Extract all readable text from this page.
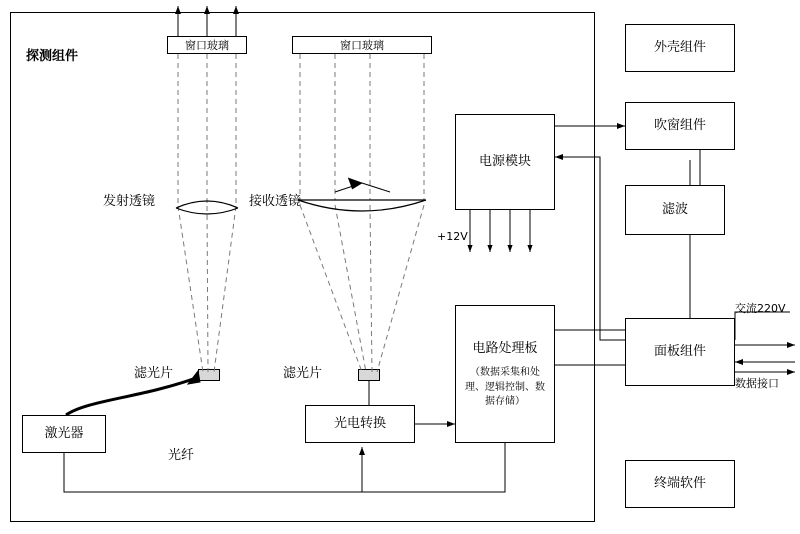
探测组件
窗口玻璃	窗口玻璃
发射透镜	接收透镜
滤光片	滤光片
激光器
光纤
光电转换
电源模块
+12V
电路处理板
（数据采集和处理、逻辑控制、数据存储）
面板组件
外壳组件
吹窗组件
滤波
终端软件
交流220V
数据接口
